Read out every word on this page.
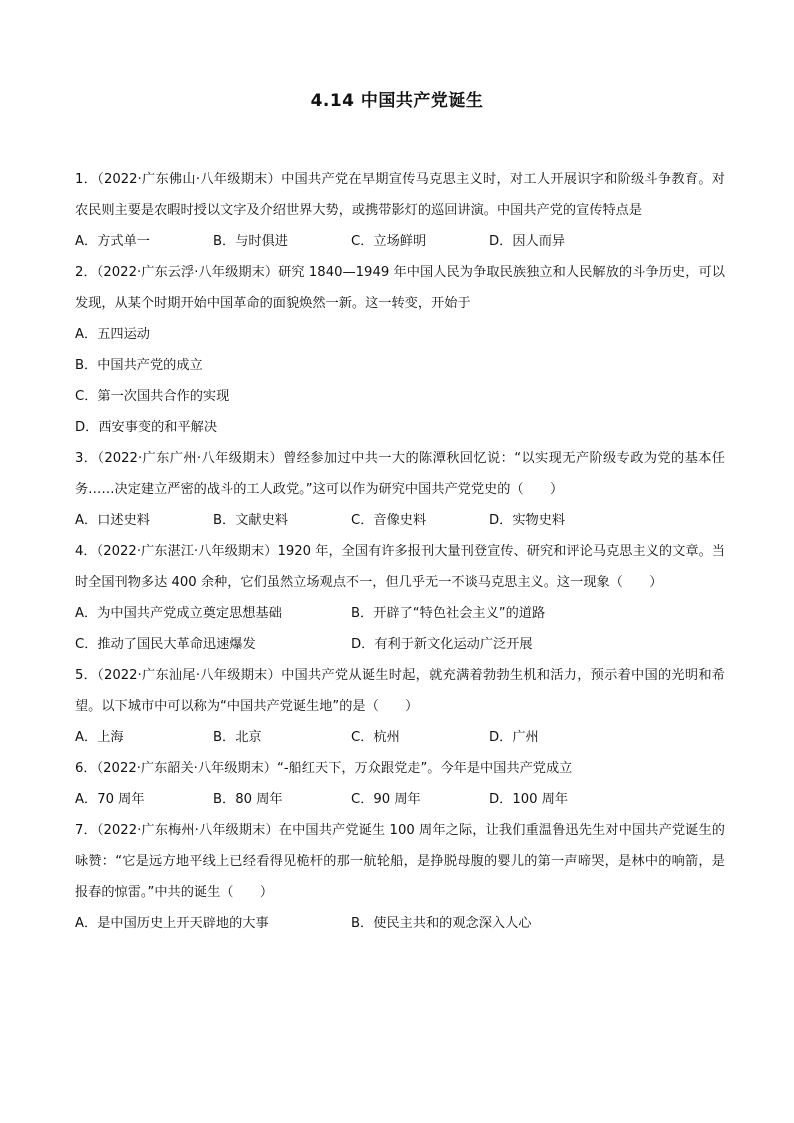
4.14 中国共产党诞生

1．（2022·广东佛山·八年级期末）中国共产党在早期宣传马克思主义时，对工人开展识字和阶级斗争教育。对农民则主要是农暇时授以文字及介绍世界大势，或携带影灯的巡回讲演。中国共产党的宣传特点是

A．方式单一	B．与时俱进	C．立场鲜明	D．因人而异

2．（2022·广东云浮·八年级期末）研究 1840—1949 年中国人民为争取民族独立和人民解放的斗争历史，可以发现，从某个时期开始中国革命的面貌焕然一新。这一转变，开始于

A．五四运动

B．中国共产党的成立

C．第一次国共合作的实现

D．西安事变的和平解决

3．（2022·广东广州·八年级期末）曾经参加过中共一大的陈潭秋回忆说：“以实现无产阶级专政为党的基本任务……决定建立严密的战斗的工人政党。”这可以作为研究中国共产党党史的（　　）

A．口述史料	B．文献史料	C．音像史料	D．实物史料

4．（2022·广东湛江·八年级期末）1920 年，全国有许多报刊大量刊登宣传、研究和评论马克思主义的文章。当时全国刊物多达 400 余种，它们虽然立场观点不一，但几乎无一不谈马克思主义。这一现象（　　）

A．为中国共产党成立奠定思想基础	B．开辟了“特色社会主义”的道路
C．推动了国民大革命迅速爆发	D．有利于新文化运动广泛开展

5．（2022·广东汕尾·八年级期末）中国共产党从诞生时起，就充满着勃勃生机和活力，预示着中国的光明和希望。以下城市中可以称为“中国共产党诞生地”的是（　　）

A．上海	B．北京	C．杭州	D．广州

6．（2022·广东韶关·八年级期末）“-船红天下，万众跟党走”。今年是中国共产党成立

A．70 周年	B．80 周年	C．90 周年	D．100 周年

7．（2022·广东梅州·八年级期末）在中国共产党诞生 100 周年之际，让我们重温鲁迅先生对中国共产党诞生的咏赞：“它是远方地平线上已经看得见桅杆的那一航轮船，是挣脱母腹的婴儿的第一声啼哭，是林中的响箭，是报春的惊雷。”中共的诞生（　　）

A．是中国历史上开天辟地的大事	B．使民主共和的观念深入人心
